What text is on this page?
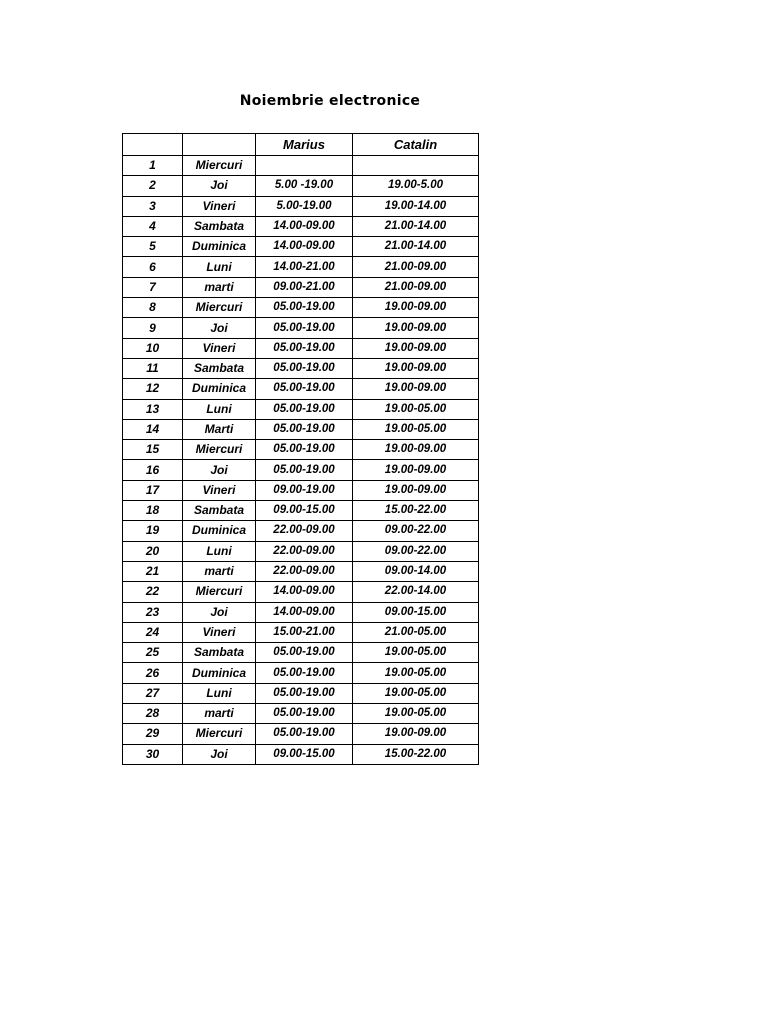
Noiembrie electronice
		Marius	Catalin
1	Miercuri		
2	Joi	5.00 -19.00	19.00-5.00
3	Vineri	5.00-19.00	19.00-14.00
4	Sambata	14.00-09.00	21.00-14.00
5	Duminica	14.00-09.00	21.00-14.00
6	Luni	14.00-21.00	21.00-09.00
7	marti	09.00-21.00	21.00-09.00
8	Miercuri	05.00-19.00	19.00-09.00
9	Joi	05.00-19.00	19.00-09.00
10	Vineri	05.00-19.00	19.00-09.00
11	Sambata	05.00-19.00	19.00-09.00
12	Duminica	05.00-19.00	19.00-09.00
13	Luni	05.00-19.00	19.00-05.00
14	Marti	05.00-19.00	19.00-05.00
15	Miercuri	05.00-19.00	19.00-09.00
16	Joi	05.00-19.00	19.00-09.00
17	Vineri	09.00-19.00	19.00-09.00
18	Sambata	09.00-15.00	15.00-22.00
19	Duminica	22.00-09.00	09.00-22.00
20	Luni	22.00-09.00	09.00-22.00
21	marti	22.00-09.00	09.00-14.00
22	Miercuri	14.00-09.00	22.00-14.00
23	Joi	14.00-09.00	09.00-15.00
24	Vineri	15.00-21.00	21.00-05.00
25	Sambata	05.00-19.00	19.00-05.00
26	Duminica	05.00-19.00	19.00-05.00
27	Luni	05.00-19.00	19.00-05.00
28	marti	05.00-19.00	19.00-05.00
29	Miercuri	05.00-19.00	19.00-09.00
30	Joi	09.00-15.00	15.00-22.00
